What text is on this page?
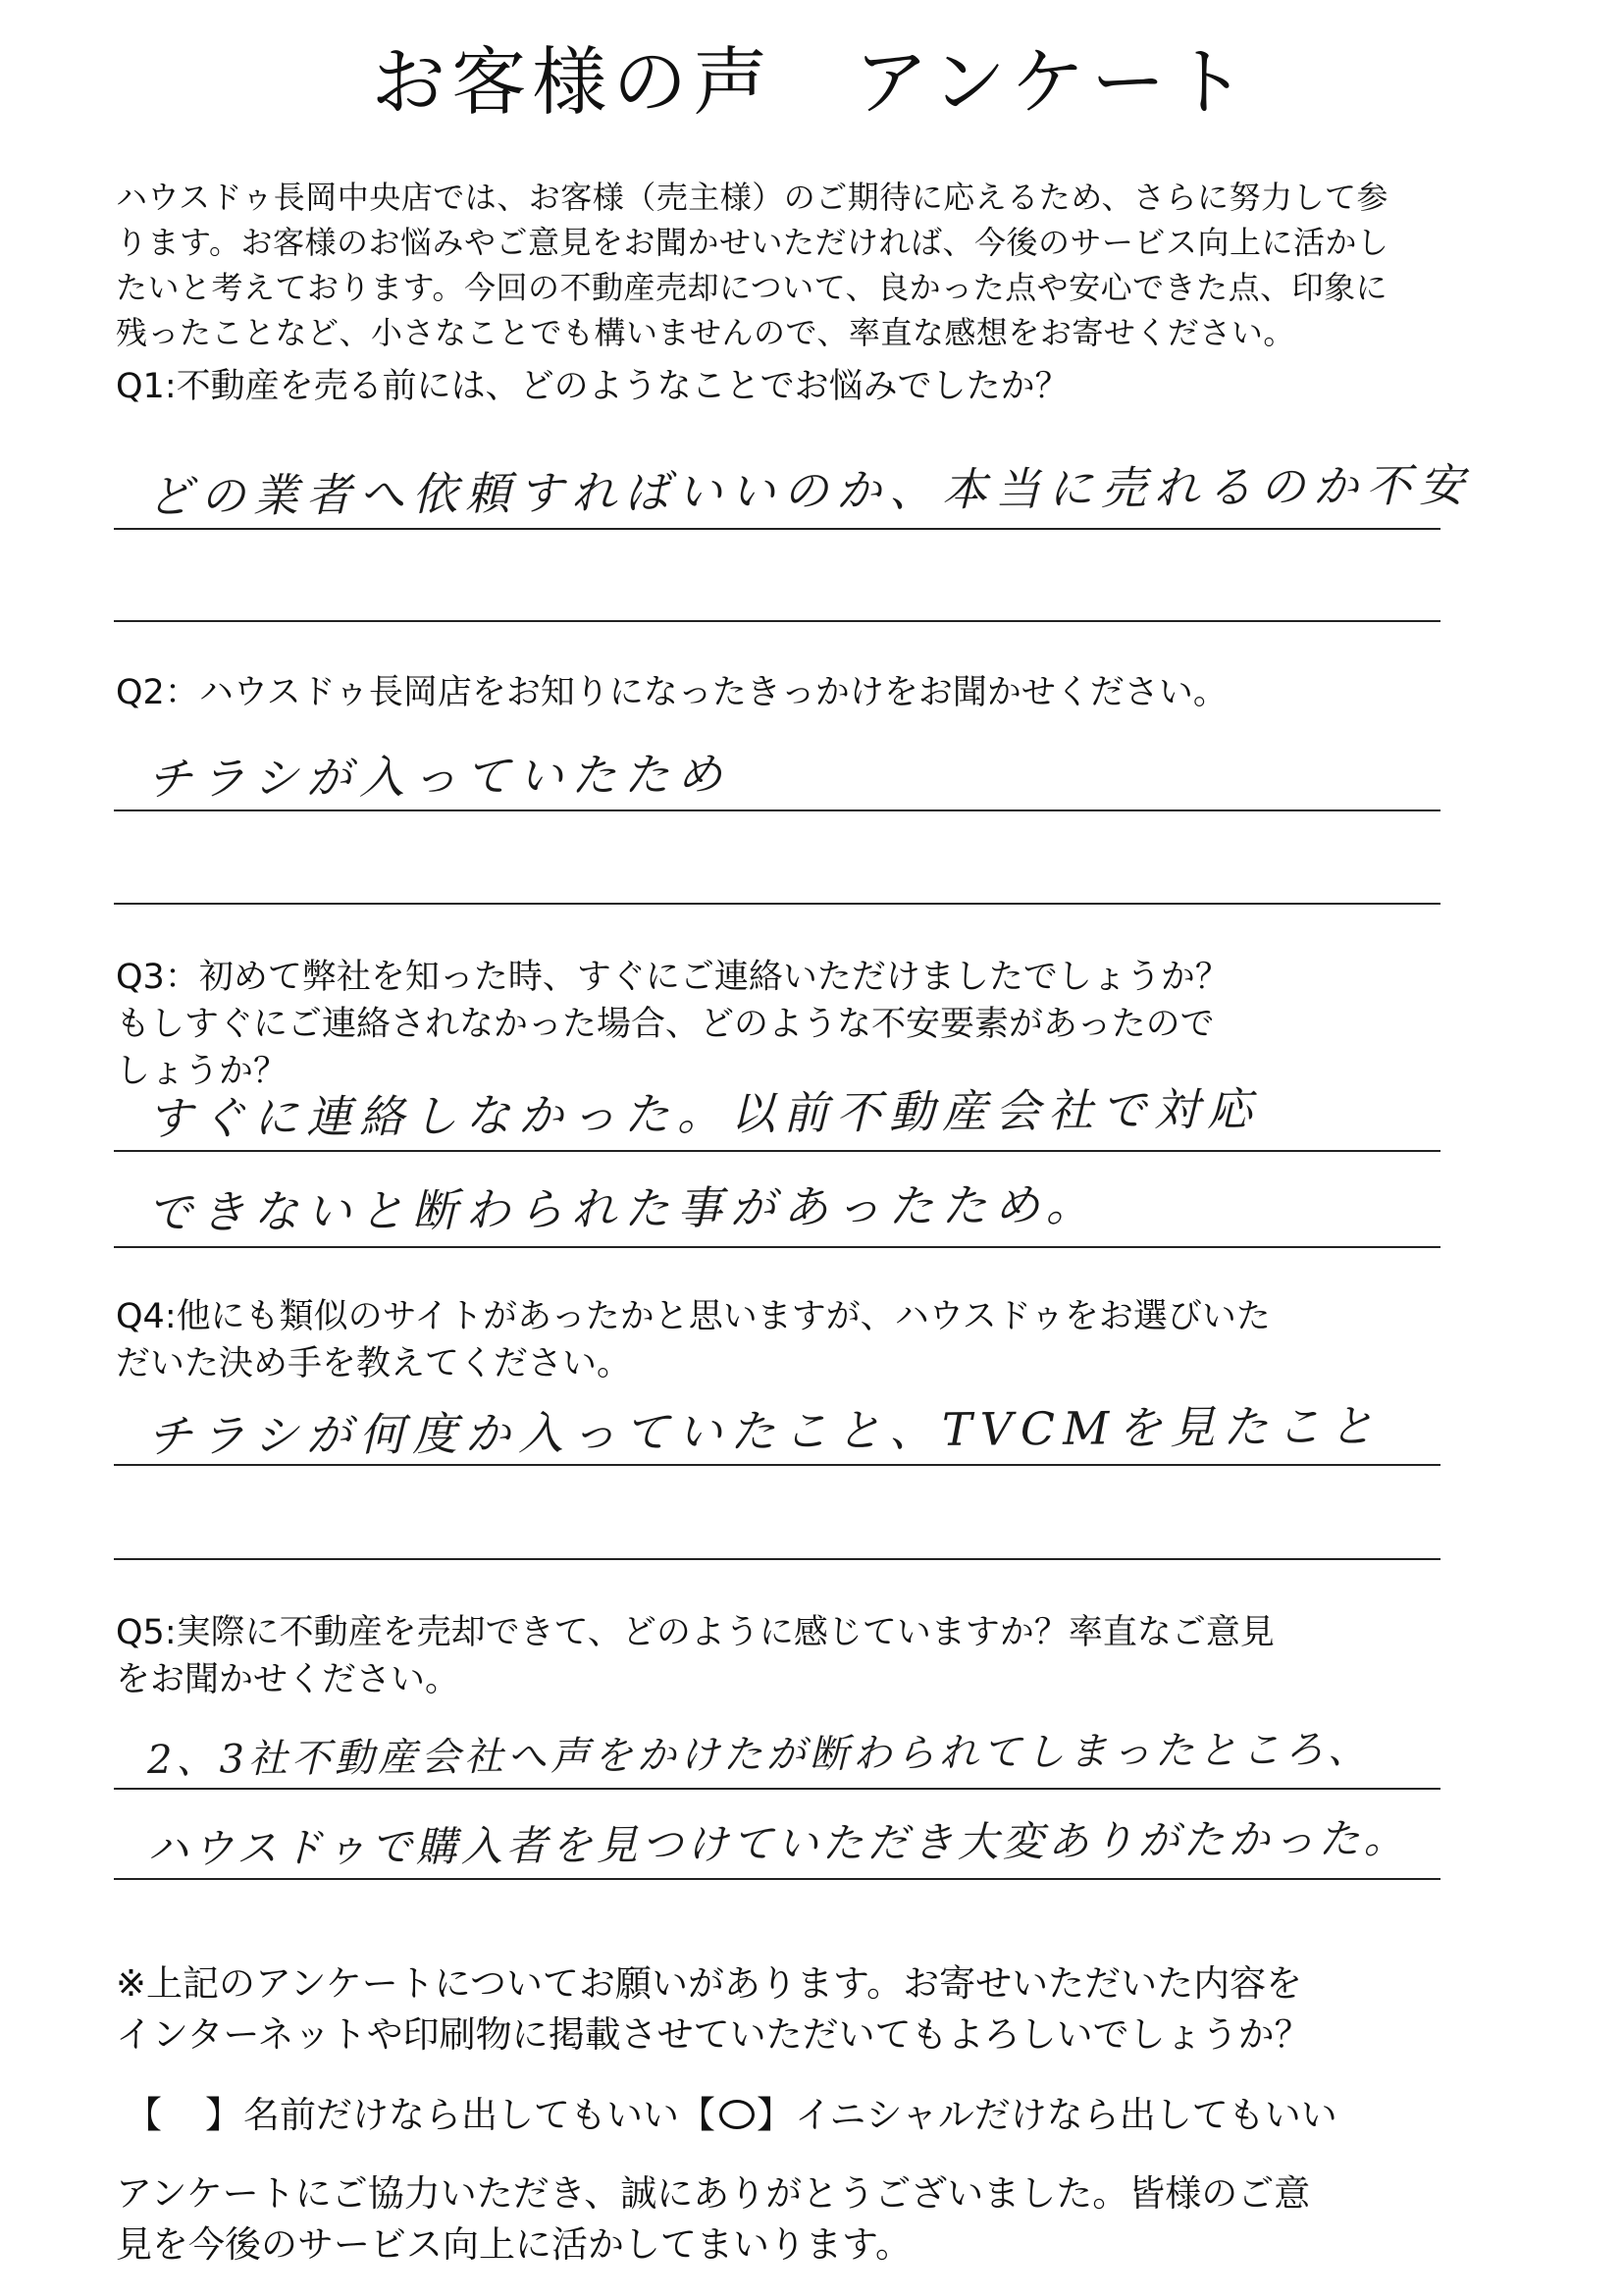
お客様の声　アンケート
ハウスドゥ長岡中央店では、お客様（売主様）のご期待に応えるため、さらに努力して参
ります。お客様のお悩みやご意見をお聞かせいただければ、今後のサービス向上に活かし
たいと考えております。今回の不動産売却について、良かった点や安心できた点、印象に
残ったことなど、小さなことでも構いませんので、率直な感想をお寄せください。
Q1:不動産を売る前には、どのようなことでお悩みでしたか？
どの業者へ依頼すればいいのか、本当に売れるのか不安
Q2：ハウスドゥ長岡店をお知りになったきっかけをお聞かせください。
チラシが入っていたため
Q3：初めて弊社を知った時、すぐにご連絡いただけましたでしょうか？
もしすぐにご連絡されなかった場合、どのような不安要素があったので
しょうか？
すぐに連絡しなかった。以前不動産会社で対応
できないと断わられた事があったため。
Q4:他にも類似のサイトがあったかと思いますが、ハウスドゥをお選びいた
だいた決め手を教えてください。
チラシが何度か入っていたこと、TVCMを見たこと
Q5:実際に不動産を売却できて、どのように感じていますか？率直なご意見
をお聞かせください。
2、3社不動産会社へ声をかけたが断わられてしまったところ、
ハウスドゥで購入者を見つけていただき大変ありがたかった。
※上記のアンケートについてお願いがあります。お寄せいただいた内容を
インターネットや印刷物に掲載させていただいてもよろしいでしょうか？
【 】名前だけなら出してもいい【 】イニシャルだけなら出してもいい
アンケートにご協力いただき、誠にありがとうございました。皆様のご意
見を今後のサービス向上に活かしてまいります。
